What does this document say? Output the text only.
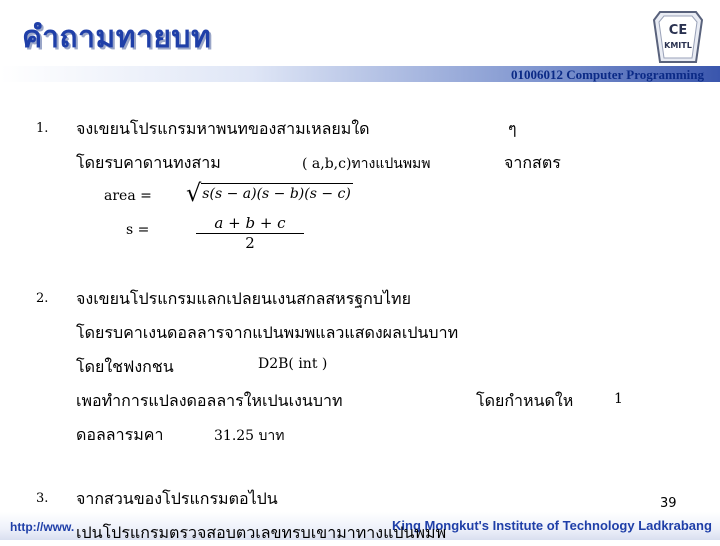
คำถามทายบท	CE
KMITL
01006012 Computer Programming
1. จงเขยนโปรแกรมหาพนทของสามเหลยมใด	ๆ
โดยรบคาดานทงสาม	( a,b,c)ทางแปนพมพ	จากสตร
area = √ s(s − a)(s − b)(s − c)
s =	$\frac{a + b + c}{2}$
2. จงเขยนโปรแกรมแลกเปลยนเงนสกลสหรฐกบไทย
โดยรบคาเงนดอลลารจากแปนพมพแลวแสดงผลเปนบาท
โดยใชฟงกชน	D2B( int )
เพอทำการแปลงดอลลารใหเปนเงนบาท	โดยกำหนดให	1
ดอลลารมคา	31.25 บาท
3. จากสวนของโปรแกรมตอไปน	39
http://www.	King Mongkut's Institute of Technology Ladkrabang
เปนโปรแกรมตรวจสอบตวเลขทรบเขามาทางแปนพมพ
